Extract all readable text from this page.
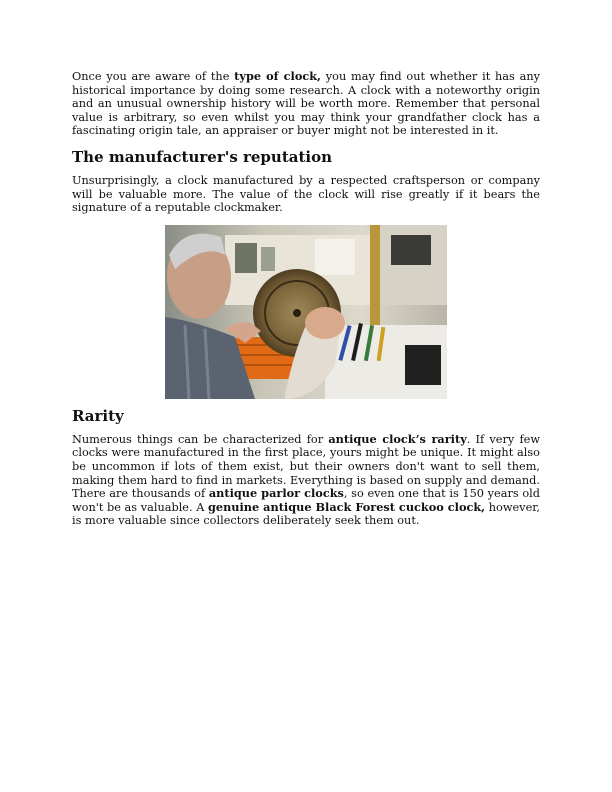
Once you are aware of the type of clock, you may find out whether it has any historical importance by doing some research. A clock with a noteworthy origin and an unusual ownership history will be worth more. Remember that personal value is arbitrary, so even whilst you may think your grandfather clock has a fascinating origin tale, an appraiser or buyer might not be interested in it.

The manufacturer's reputation

Unsurprisingly, a clock manufactured by a respected craftsperson or company will be valuable more. The value of the clock will rise greatly if it bears the signature of a reputable clockmaker.

Rarity

Numerous things can be characterized for antique clock’s rarity. If very few clocks were manufactured in the first place, yours might be unique. It might also be uncommon if lots of them exist, but their owners don't want to sell them, making them hard to find in markets. Everything is based on supply and demand. There are thousands of antique parlor clocks, so even one that is 150 years old won't be as valuable. A genuine antique Black Forest cuckoo clock, however, is more valuable since collectors deliberately seek them out.
